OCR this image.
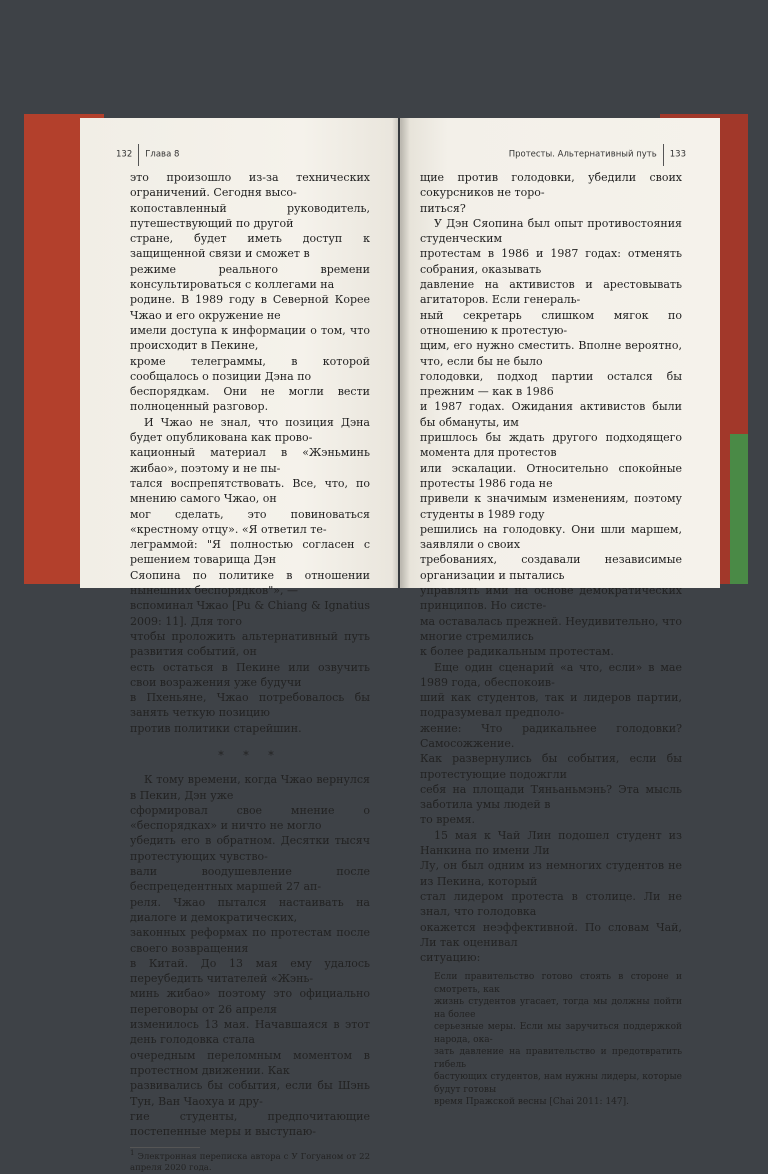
132 Глава 8

это произошло из-за технических ограничений. Сегодня высо-

копоставленный руководитель, путешествующий по другой

стране, будет иметь доступ к защищенной связи и сможет в

режиме реального времени консультироваться с коллегами на

родине. В 1989 году в Северной Корее Чжао и его окружение не

имели доступа к информации о том, что происходит в Пекине,

кроме телеграммы, в которой сообщалось о позиции Дэна по

беспорядкам. Они не могли вести полноценный разговор.

И Чжао не знал, что позиция Дэна будет опубликована как прово-

кационный материал в «Жэньминь жибао», поэтому и не пы-

тался воспрепятствовать. Все, что, по мнению самого Чжао, он

мог сделать, это повиноваться «крестному отцу». «Я ответил те-

леграммой: "Я полностью согласен с решением товарища Дэн

Сяопина по политике в отношении нынешних беспорядков"», —

вспоминал Чжао [Pu & Chiang & Ignatius 2009: 11]. Для того

чтобы проложить альтернативный путь развития событий, он

есть остаться в Пекине или озвучить свои возражения уже будучи

в Пхеньяне, Чжао потребовалось бы занять четкую позицию

против политики старейшин.

* * *

К тому времени, когда Чжао вернулся в Пекин, Дэн уже

сформировал свое мнение о «беспорядках» и ничто не могло

убедить его в обратном. Десятки тысяч протестующих чувство-

вали воодушевление после беспрецедентных маршей 27 ап-

реля. Чжао пытался настаивать на диалоге и демократических,

законных реформах по протестам после своего возвращения

в Китай. До 13 мая ему удалось переубедить читателей «Жэнь-

минь жибао» поэтому это официально переговоры от 26 апреля

изменилось 13 мая. Начавшаяся в этот день голодовка стала

очередным переломным моментом в протестном движении. Как

развивались бы события, если бы Шэнь Тун, Ван Чаохуа и дру-

гие студенты, предпочитающие постепенные меры и выступаю-

$^1$ Электронная переписка автора с У Гогуаном от 22 апреля 2020 года.

Протесты. Альтернативный путь 133

щие против голодовки, убедили своих сокурсников не торо-

питься?

У Дэн Сяопина был опыт противостояния студенческим

протестам в 1986 и 1987 годах: отменять собрания, оказывать

давление на активистов и арестовывать агитаторов. Если генераль-

ный секретарь слишком мягок по отношению к протестую-

щим, его нужно сместить. Вполне вероятно, что, если бы не было

голодовки, подход партии остался бы прежним — как в 1986

и 1987 годах. Ожидания активистов были бы обмануты, им

пришлось бы ждать другого подходящего момента для протестов

или эскалации. Относительно спокойные протесты 1986 года не

привели к значимым изменениям, поэтому студенты в 1989 году

решились на голодовку. Они шли маршем, заявляли о своих

требованиях, создавали независимые организации и пытались

управлять ими на основе демократических принципов. Но систе-

ма оставалась прежней. Неудивительно, что многие стремились

к более радикальным протестам.

Еще один сценарий «а что, если» в мае 1989 года, обеспокоив-

ший как студентов, так и лидеров партии, подразумевал предполо-

жение: Что радикальнее голодовки? Самосожжение.

Как развернулись бы события, если бы протестующие подожгли

себя на площади Тяньаньмэнь? Эта мысль заботила умы людей в

то время.

15 мая к Чай Лин подошел студент из Нанкина по имени Ли

Лу, он был одним из немногих студентов не из Пекина, который

стал лидером протеста в столице. Ли не знал, что голодовка

окажется неэффективной. По словам Чай, Ли так оценивал

ситуацию:

Если правительство готово стоять в стороне и смотреть, как

жизнь студентов угасает, тогда мы должны пойти на более

серьезные меры. Если мы заручиться поддержкой народа, ока-

зать давление на правительство и предотвратить гибель

бастующих студентов, нам нужны лидеры, которые будут готовы

время Пражской весны [Chai 2011: 147].
